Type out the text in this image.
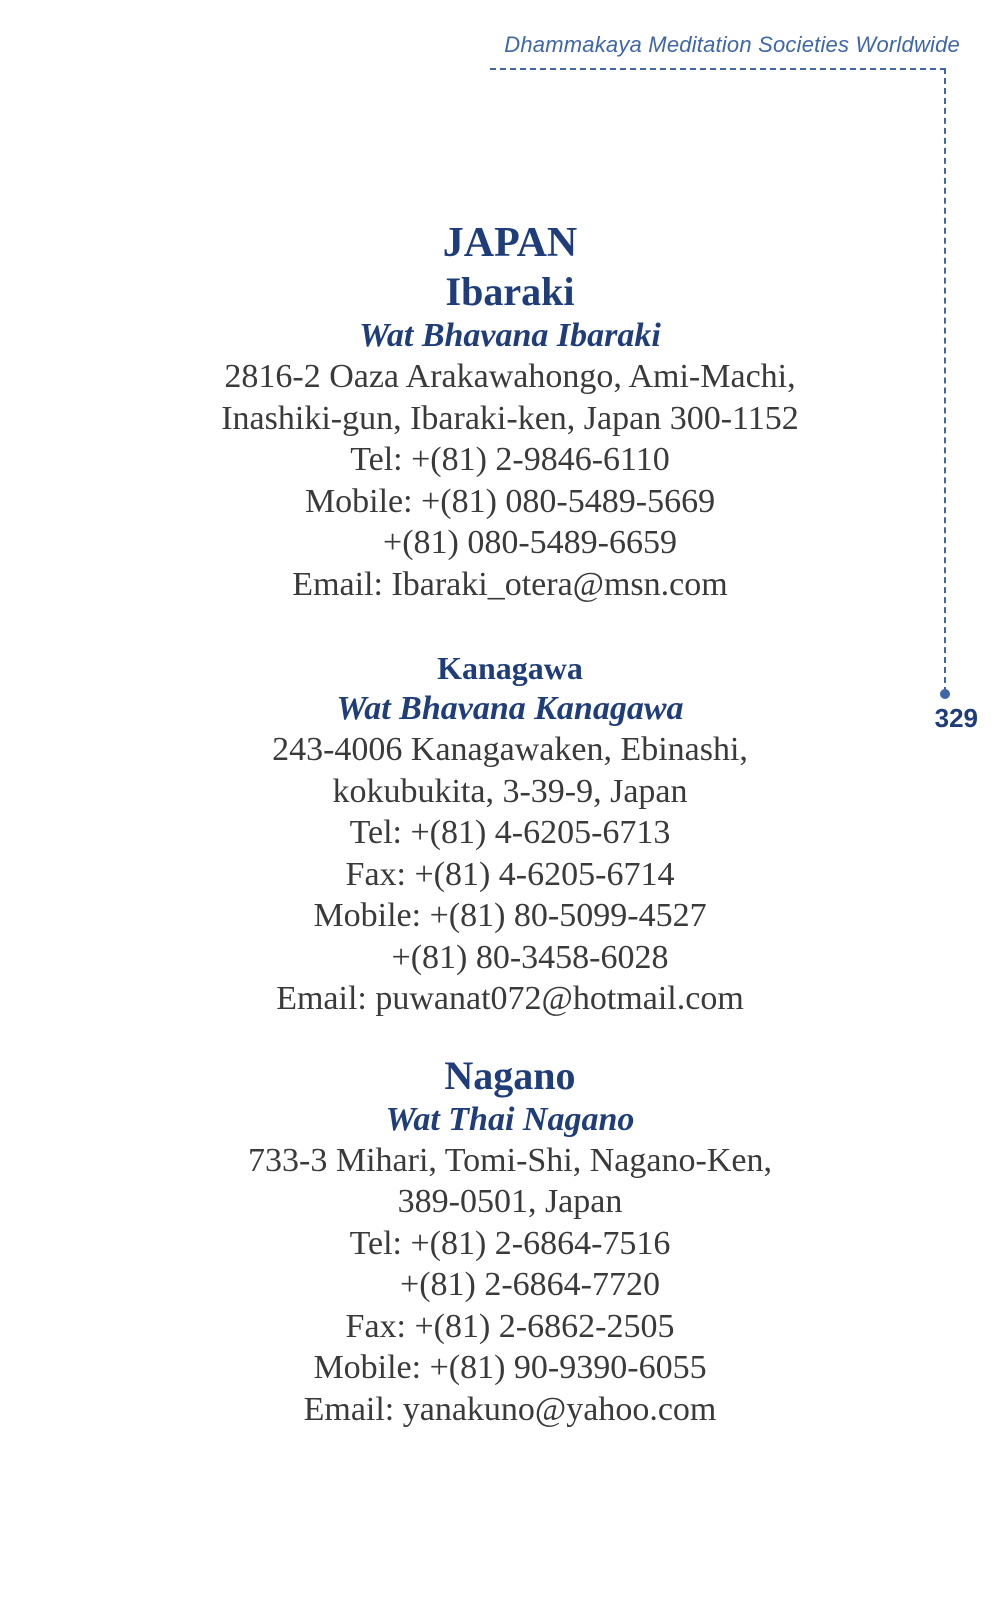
Dhammakaya Meditation Societies Worldwide
329
JAPAN
Ibaraki
Wat Bhavana Ibaraki
2816-2 Oaza Arakawahongo, Ami-Machi,
Inashiki-gun, Ibaraki-ken, Japan 300-1152
Tel: +(81) 2-9846-6110
Mobile: +(81) 080-5489-5669
+(81) 080-5489-6659
Email: Ibaraki_otera@msn.com
Kanagawa
Wat Bhavana Kanagawa
243-4006 Kanagawaken, Ebinashi,
kokubukita, 3-39-9, Japan
Tel: +(81) 4-6205-6713
Fax: +(81) 4-6205-6714
Mobile: +(81) 80-5099-4527
+(81) 80-3458-6028
Email: puwanat072@hotmail.com
Nagano
Wat Thai Nagano
733-3 Mihari, Tomi-Shi, Nagano-Ken,
389-0501, Japan
Tel: +(81) 2-6864-7516
+(81) 2-6864-7720
Fax: +(81) 2-6862-2505
Mobile: +(81) 90-9390-6055
Email: yanakuno@yahoo.com
